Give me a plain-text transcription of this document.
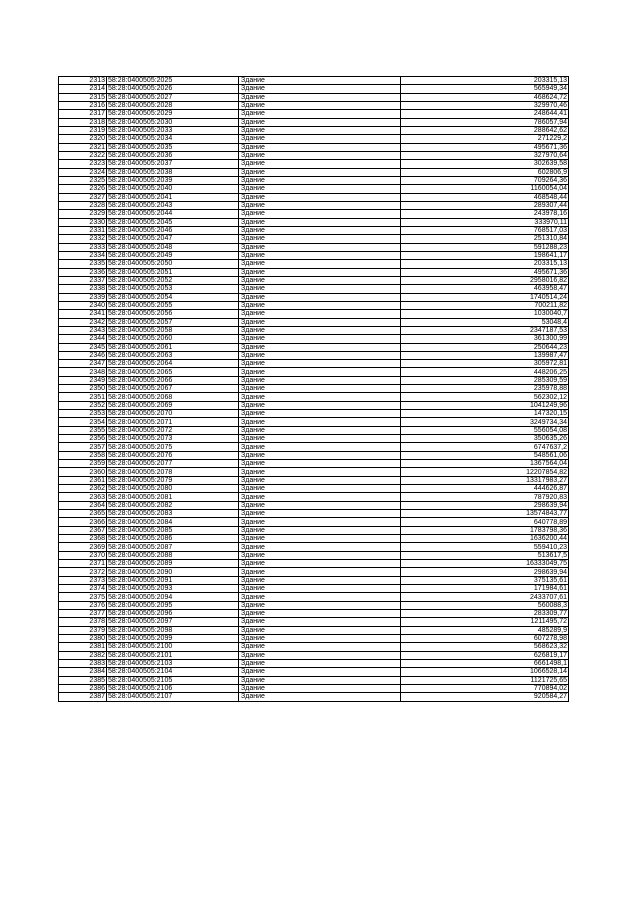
2313	58:28:0400505:2025	Здание	203315,13
2314	58:28:0400505:2026	Здание	565949,34
2315	58:28:0400505:2027	Здание	468624,72
2316	58:28:0400505:2028	Здание	329970,46
2317	58:28:0400505:2029	Здание	248644,41
2318	58:28:0400505:2030	Здание	786057,94
2319	58:28:0400505:2033	Здание	288642,62
2320	58:28:0400505:2034	Здание	271229,2
2321	58:28:0400505:2035	Здание	495671,36
2322	58:28:0400505:2036	Здание	327970,64
2323	58:28:0400505:2037	Здание	302639,58
2324	58:28:0400505:2038	Здание	602806,9
2325	58:28:0400505:2039	Здание	709264,36
2326	58:28:0400505:2040	Здание	1160054,04
2327	58:28:0400505:2041	Здание	468548,44
2328	58:28:0400505:2043	Здание	289307,44
2329	58:28:0400505:2044	Здание	243978,16
2330	58:28:0400505:2045	Здание	333970,11
2331	58:28:0400505:2046	Здание	768517,03
2332	58:28:0400505:2047	Здание	251310,84
2333	58:28:0400505:2048	Здание	591288,23
2334	58:28:0400505:2049	Здание	198641,17
2335	58:28:0400505:2050	Здание	203315,13
2336	58:28:0400505:2051	Здание	495671,36
2337	58:28:0400505:2052	Здание	2958016,82
2338	58:28:0400505:2053	Здание	463958,47
2339	58:28:0400505:2054	Здание	1740514,24
2340	58:28:0400505:2055	Здание	700211,82
2341	58:28:0400505:2056	Здание	1030040,7
2342	58:28:0400505:2057	Здание	53048,4
2343	58:28:0400505:2058	Здание	2347187,53
2344	58:28:0400505:2060	Здание	361300,99
2345	58:28:0400505:2061	Здание	250644,23
2346	58:28:0400505:2063	Здание	139987,47
2347	58:28:0400505:2064	Здание	305972,81
2348	58:28:0400505:2065	Здание	448206,25
2349	58:28:0400505:2066	Здание	285309,59
2350	58:28:0400505:2067	Здание	235978,88
2351	58:28:0400505:2068	Здание	562302,12
2352	58:28:0400505:2069	Здание	1041249,96
2353	58:28:0400505:2070	Здание	147320,15
2354	58:28:0400505:2071	Здание	3249734,34
2355	58:28:0400505:2072	Здание	556054,08
2356	58:28:0400505:2073	Здание	350635,26
2357	58:28:0400505:2075	Здание	6747637,2
2358	58:28:0400505:2076	Здание	548561,06
2359	58:28:0400505:2077	Здание	1367564,04
2360	58:28:0400505:2078	Здание	12207854,82
2361	58:28:0400505:2079	Здание	13317983,27
2362	58:28:0400505:2080	Здание	444626,87
2363	58:28:0400505:2081	Здание	787920,83
2364	58:28:0400505:2082	Здание	298639,94
2365	58:28:0400505:2083	Здание	13574843,77
2366	58:28:0400505:2084	Здание	640778,89
2367	58:28:0400505:2085	Здание	1783798,36
2368	58:28:0400505:2086	Здание	1636200,44
2369	58:28:0400505:2087	Здание	559410,23
2370	58:28:0400505:2088	Здание	513617,5
2371	58:28:0400505:2089	Здание	16333049,75
2372	58:28:0400505:2090	Здание	298639,94
2373	58:28:0400505:2091	Здание	375135,61
2374	58:28:0400505:2093	Здание	171984,61
2375	58:28:0400505:2094	Здание	2433707,61
2376	58:28:0400505:2095	Здание	560088,3
2377	58:28:0400505:2096	Здание	283309,77
2378	58:28:0400505:2097	Здание	1211495,72
2379	58:28:0400505:2098	Здание	485289,9
2380	58:28:0400505:2099	Здание	607278,98
2381	58:28:0400505:2100	Здание	568623,32
2382	58:28:0400505:2101	Здание	626819,17
2383	58:28:0400505:2103	Здание	6661498,1
2384	58:28:0400505:2104	Здание	1066528,14
2385	58:28:0400505:2105	Здание	1121725,65
2386	58:28:0400505:2106	Здание	770894,02
2387	58:28:0400505:2107	Здание	920584,27
